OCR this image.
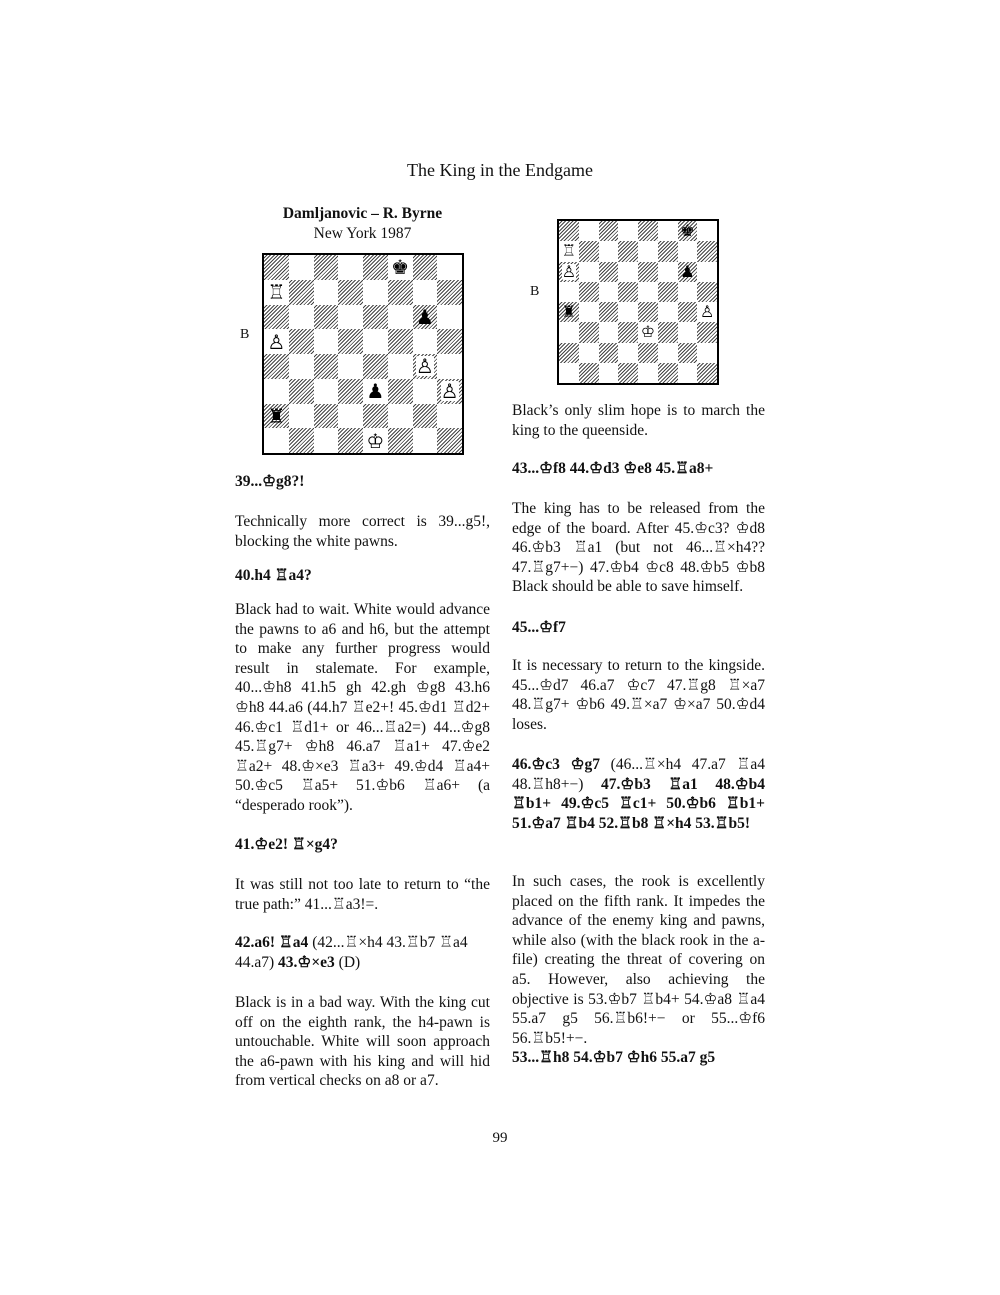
The King in the Endgame
Damljanovic – R. Byrne
New York 1987
B
♚
♖
♟
♙
♙
♟	♙
♜
♔
39...♔g8?!

Technically more correct is 39...g5!, blocking the white pawns.

40.h4 ♖a4?

Black had to wait. White would advance the pawns to a6 and h6, but the attempt to make any further progress would result in stalemate. For example, 40...♔h8 41.h5 gh 42.gh ♔g8 43.h6 ♔h8 44.a6 (44.h7 ♖e2+! 45.♔d1 ♖d2+ 46.♔c1 ♖d1+ or 46...♖a2=) 44...♔g8 45.♖g7+ ♔h8 46.a7 ♖a1+ 47.♔e2 ♖a2+ 48.♔×e3 ♖a3+ 49.♔d4 ♖a4+ 50.♔c5 ♖a5+ 51.♔b6 ♖a6+ (a “desperado rook”).

41.♔e2! ♖×g4?

It was still not too late to return to “the true path:” 41...♖a3!=.

42.a6! ♖a4 (42...♖×h4 43.♖b7 ♖a4 44.a7) 43.♔×e3 (D)

Black is in a bad way. With the king cut off on the eighth rank, the h4-pawn is untouchable. White will soon approach the a6-pawn with his king and will hid from vertical checks on a8 or a7.

B
♚
♖
♙	♟
♜	♙
♔

Black’s only slim hope is to march the king to the queenside.

43...♔f8 44.♔d3 ♔e8 45.♖a8+

The king has to be released from the edge of the board. After 45.♔c3? ♔d8 46.♔b3 ♖a1 (but not 46...♖×h4?? 47.♖g7+−) 47.♔b4 ♔c8 48.♔b5 ♔b8 Black should be able to save himself.

45...♔f7

It is necessary to return to the kingside. 45...♔d7 46.a7 ♔c7 47.♖g8 ♖×a7 48.♖g7+ ♔b6 49.♖×a7 ♔×a7 50.♔d4 loses.

46.♔c3 ♔g7 (46...♖×h4 47.a7 ♖a4 48.♖h8+−) 47.♔b3 ♖a1 48.♔b4 ♖b1+ 49.♔c5 ♖c1+ 50.♔b6 ♖b1+ 51.♔a7 ♖b4 52.♖b8 ♖×h4 53.♖b5!

In such cases, the rook is excellently placed on the fifth rank. It impedes the advance of the enemy king and pawns, while also (with the black rook in the a-file) creating the threat of covering on a5. However, also achieving the objective is 53.♔b7 ♖b4+ 54.♔a8 ♖a4 55.a7 g5 56.♖b6!+− or 55...♔f6 56.♖b5!+−.

53...♖h8 54.♔b7 ♔h6 55.a7 g5
99
